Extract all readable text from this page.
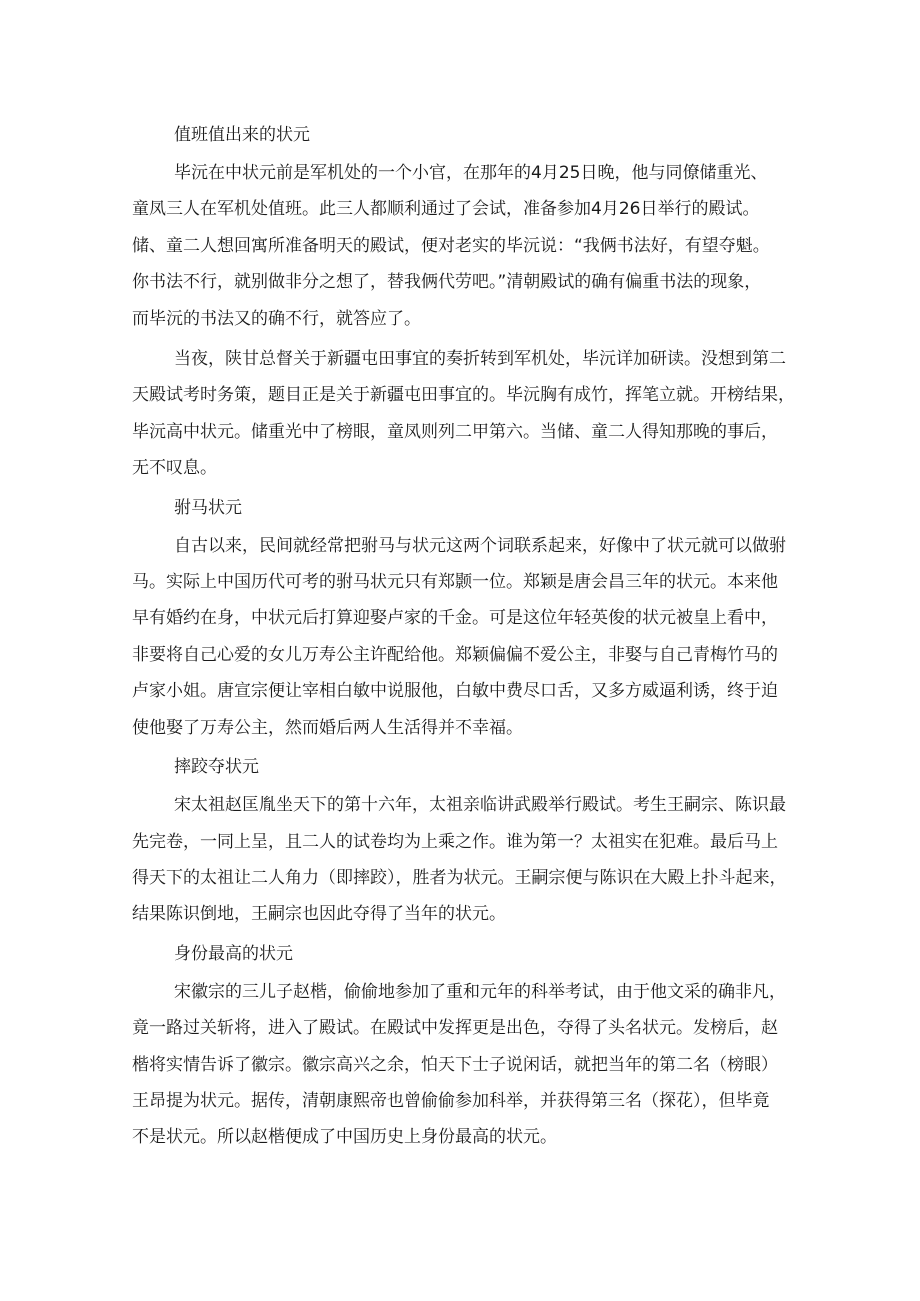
值班值出来的状元

毕沅在中状元前是军机处的一个小官，在那年的4月25日晚，他与同僚储重光、
童凤三人在军机处值班。此三人都顺利通过了会试，准备参加4月26日举行的殿试。
储、童二人想回寓所准备明天的殿试，便对老实的毕沅说：“我俩书法好，有望夺魁。
你书法不行，就别做非分之想了，替我俩代劳吧。”清朝殿试的确有偏重书法的现象，
而毕沅的书法又的确不行，就答应了。

当夜，陕甘总督关于新疆屯田事宜的奏折转到军机处，毕沅详加研读。没想到第二
天殿试考时务策，题目正是关于新疆屯田事宜的。毕沅胸有成竹，挥笔立就。开榜结果，
毕沅高中状元。储重光中了榜眼，童凤则列二甲第六。当储、童二人得知那晚的事后，
无不叹息。

驸马状元

自古以来，民间就经常把驸马与状元这两个词联系起来，好像中了状元就可以做驸
马。实际上中国历代可考的驸马状元只有郑颢一位。郑颖是唐会昌三年的状元。本来他
早有婚约在身，中状元后打算迎娶卢家的千金。可是这位年轻英俊的状元被皇上看中，
非要将自己心爱的女儿万寿公主许配给他。郑颖偏偏不爱公主，非娶与自己青梅竹马的
卢家小姐。唐宣宗便让宰相白敏中说服他，白敏中费尽口舌，又多方威逼利诱，终于迫
使他娶了万寿公主，然而婚后两人生活得并不幸福。

摔跤夺状元

宋太祖赵匡胤坐天下的第十六年，太祖亲临讲武殿举行殿试。考生王嗣宗、陈识最
先完卷，一同上呈，且二人的试卷均为上乘之作。谁为第一？太祖实在犯难。最后马上
得天下的太祖让二人角力（即摔跤），胜者为状元。王嗣宗便与陈识在大殿上扑斗起来，
结果陈识倒地，王嗣宗也因此夺得了当年的状元。

身份最高的状元

宋徽宗的三儿子赵楷，偷偷地参加了重和元年的科举考试，由于他文采的确非凡，
竟一路过关斩将，进入了殿试。在殿试中发挥更是出色，夺得了头名状元。发榜后，赵
楷将实情告诉了徽宗。徽宗高兴之余，怕天下士子说闲话，就把当年的第二名（榜眼）
王昂提为状元。据传，清朝康熙帝也曾偷偷参加科举，并获得第三名（探花），但毕竟
不是状元。所以赵楷便成了中国历史上身份最高的状元。
